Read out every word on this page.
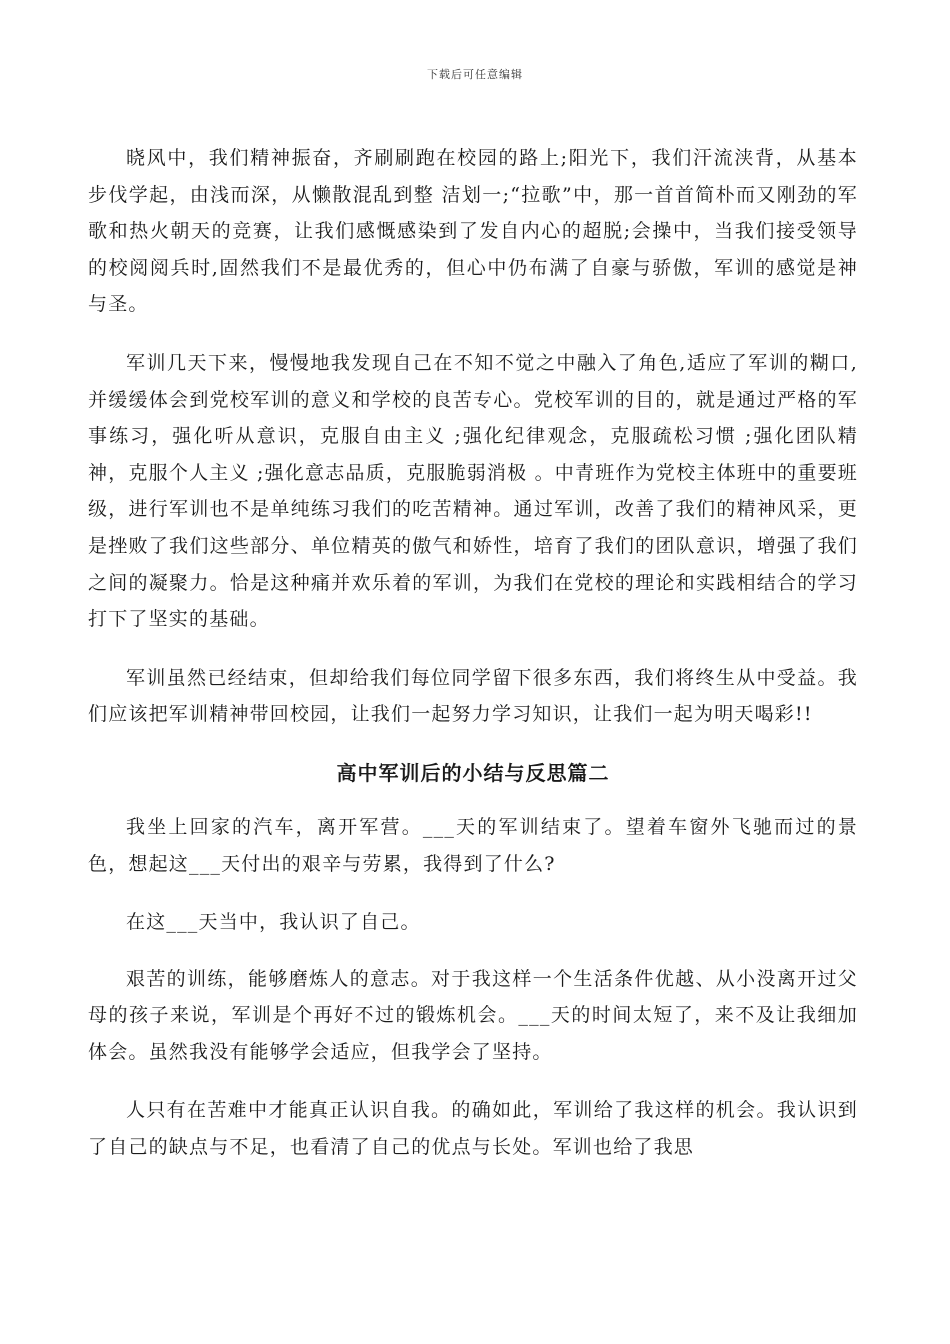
下载后可任意编辑

晓风中，我们精神振奋，齐刷刷跑在校园的路上;阳光下，我们汗流浃背，从基本步伐学起，由浅而深，从懒散混乱到整 洁划一;“拉歌”中，那一首首简朴而又刚劲的军歌和热火朝天的竞赛，让我们感慨感染到了发自内心的超脱;会操中，当我们接受领导的校阅阅兵时,固然我们不是最优秀的，但心中仍布满了自豪与骄傲，军训的感觉是神与圣。

军训几天下来，慢慢地我发现自己在不知不觉之中融入了角色,适应了军训的糊口,并缓缓体会到党校军训的意义和学校的良苦专心。党校军训的目的，就是通过严格的军事练习，强化听从意识，克服自由主义 ;强化纪律观念，克服疏松习惯 ;强化团队精神，克服个人主义 ;强化意志品质，克服脆弱消极 。中青班作为党校主体班中的重要班级，进行军训也不是单纯练习我们的吃苦精神。通过军训，改善了我们的精神风采，更是挫败了我们这些部分、单位精英的傲气和娇性，培育了我们的团队意识，增强了我们之间的凝聚力。恰是这种痛并欢乐着的军训，为我们在党校的理论和实践相结合的学习打下了坚实的基础。

军训虽然已经结束，但却给我们每位同学留下很多东西，我们将终生从中受益。我们应该把军训精神带回校园，让我们一起努力学习知识，让我们一起为明天喝彩!!

高中军训后的小结与反思篇二

我坐上回家的汽车，离开军营。___天的军训结束了。望着车窗外飞驰而过的景色，想起这___天付出的艰辛与劳累，我得到了什么?

在这___天当中，我认识了自己。

艰苦的训练，能够磨炼人的意志。对于我这样一个生活条件优越、从小没离开过父母的孩子来说，军训是个再好不过的锻炼机会。___天的时间太短了，来不及让我细加体会。虽然我没有能够学会适应，但我学会了坚持。

人只有在苦难中才能真正认识自我。的确如此，军训给了我这样的机会。我认识到了自己的缺点与不足，也看清了自己的优点与长处。军训也给了我思
